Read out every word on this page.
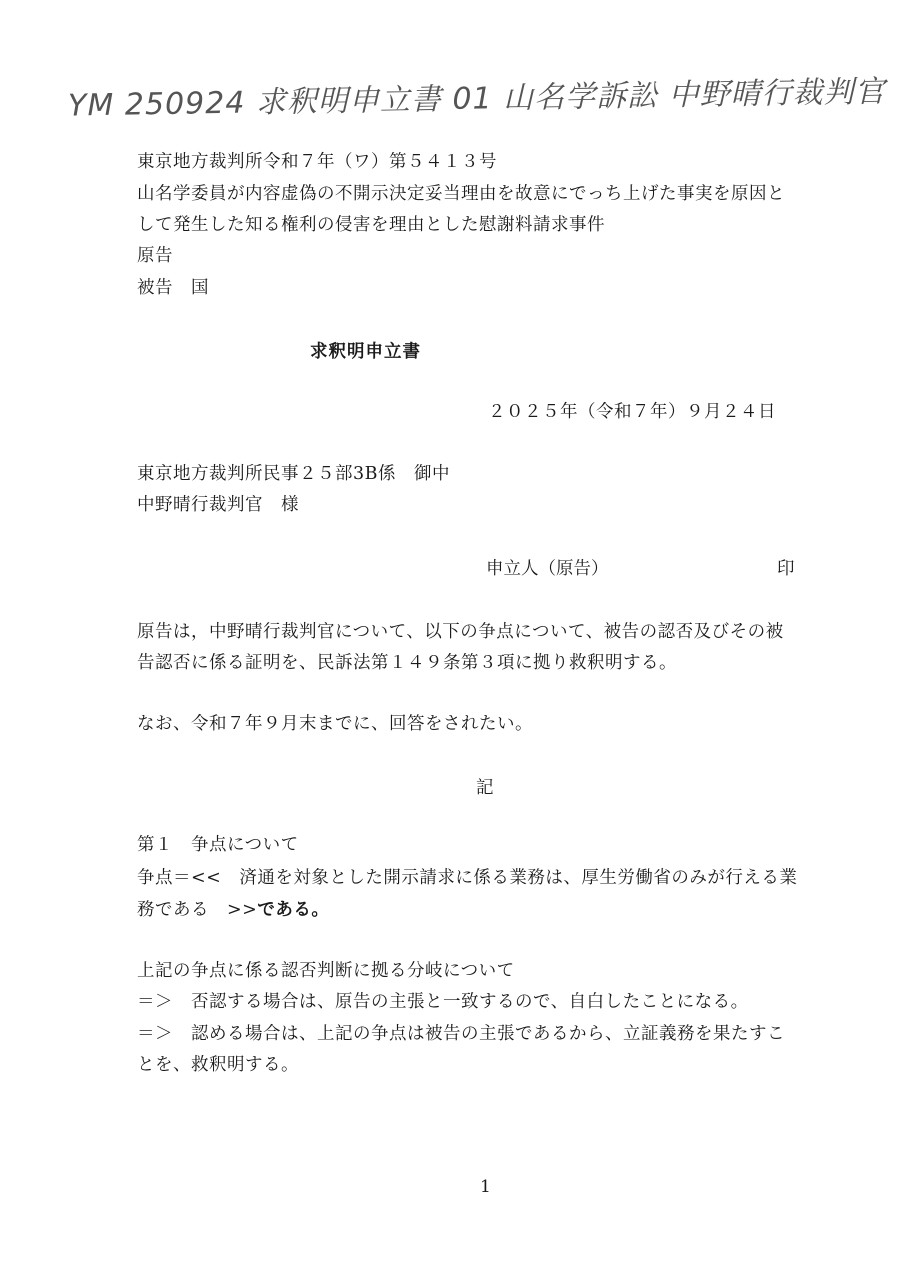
YM 250924 求釈明申立書 01 山名学訴訟 中野晴行裁判官
東京地方裁判所令和７年（ワ）第５４１３号
山名学委員が内容虚偽の不開示決定妥当理由を故意にでっち上げた事実を原因と
して発生した知る権利の侵害を理由とした慰謝料請求事件
原告
被告　国
求釈明申立書
２０２５年（令和７年）９月２４日
東京地方裁判所民事２５部3B係　御中
中野晴行裁判官　様
申立人（原告）	印
原告は，中野晴行裁判官について、以下の争点について、被告の認否及びその被
告認否に係る証明を、民訴法第１４９条第３項に拠り救釈明する。
なお、令和７年９月末までに、回答をされたい。
記
第１　争点について
争点＝<<　済通を対象とした開示請求に係る業務は、厚生労働省のみが行える業
務である　>>である。
上記の争点に係る認否判断に拠る分岐について
＝＞　否認する場合は、原告の主張と一致するので、自白したことになる。
＝＞　認める場合は、上記の争点は被告の主張であるから、立証義務を果たすこ
とを、救釈明する。
1
